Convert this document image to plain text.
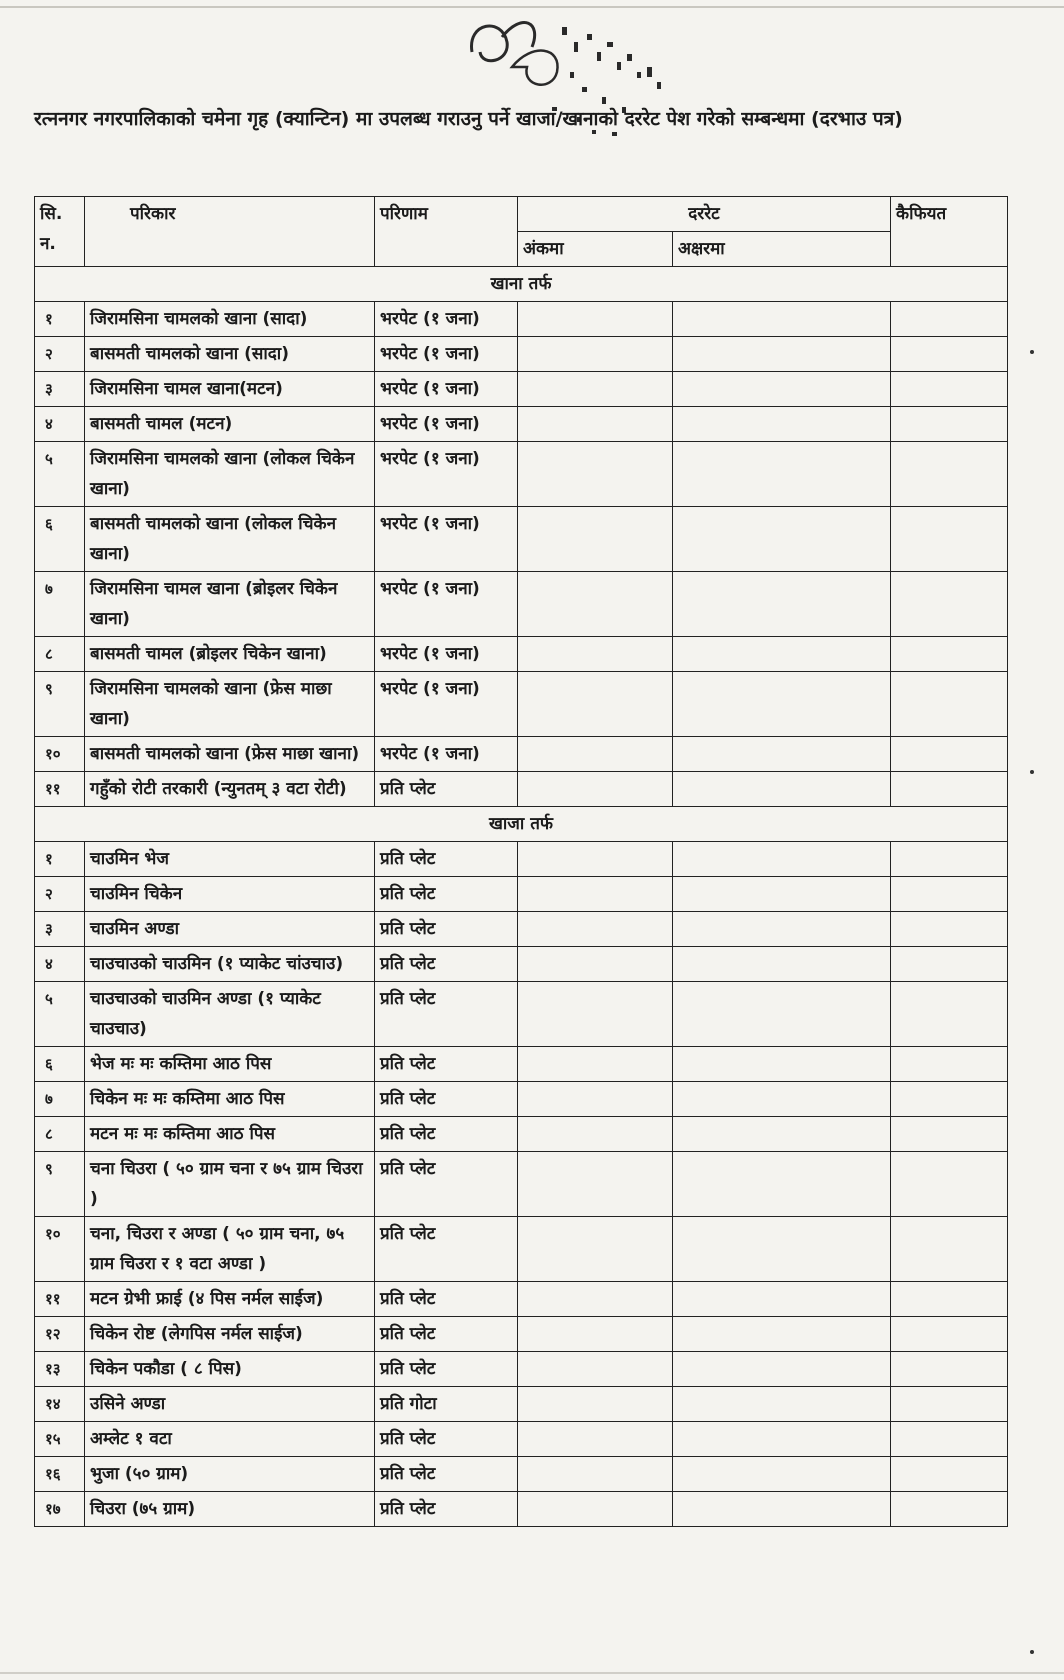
रत्ननगर नगरपालिकाको चमेना गृह (क्यान्टिन) मा उपलब्ध गराउनु पर्ने खाजा/खानाको दररेट पेश गरेको सम्बन्धमा (दरभाउ पत्र)
सि. न.	परिकार	परिणाम	दररेट		कैफियत
			अंकमा	अक्षरमा	
खाना तर्फ					
१	जिरामसिना चामलको खाना (सादा)	भरपेट (१ जना)			
२	बासमती चामलको खाना (सादा)	भरपेट (१ जना)			
३	जिरामसिना चामल खाना(मटन)	भरपेट (१ जना)			
४	बासमती चामल (मटन)	भरपेट (१ जना)			
५	जिरामसिना चामलको खाना (लोकल चिकेन खाना)	भरपेट (१ जना)			
६	बासमती चामलको खाना (लोकल चिकेन खाना)	भरपेट (१ जना)			
७	जिरामसिना चामल खाना (ब्रोइलर चिकेन खाना)	भरपेट (१ जना)			
८	बासमती चामल (ब्रोइलर चिकेन खाना)	भरपेट (१ जना)			
९	जिरामसिना चामलको खाना (फ्रेस माछा खाना)	भरपेट (१ जना)			
१०	बासमती चामलको खाना (फ्रेस माछा खाना)	भरपेट (१ जना)			
११	गहुँको रोटी तरकारी (न्युनतम् ३ वटा रोटी)	प्रति प्लेट			
खाजा तर्फ					
१	चाउमिन भेज	प्रति प्लेट			
२	चाउमिन चिकेन	प्रति प्लेट			
३	चाउमिन अण्डा	प्रति प्लेट			
४	चाउचाउको चाउमिन (१ प्याकेट चांउचाउ)	प्रति प्लेट			
५	चाउचाउको चाउमिन अण्डा (१ प्याकेट चाउचाउ)	प्रति प्लेट			
६	भेज मः मः कम्तिमा आठ पिस	प्रति प्लेट			
७	चिकेन मः मः कम्तिमा आठ पिस	प्रति प्लेट			
८	मटन मः मः कम्तिमा आठ पिस	प्रति प्लेट			
९	चना चिउरा ( ५० ग्राम चना र ७५ ग्राम चिउरा )	प्रति प्लेट			
१०	चना, चिउरा र अण्डा ( ५० ग्राम चना, ७५ ग्राम चिउरा र १ वटा अण्डा )	प्रति प्लेट			
११	मटन ग्रेभी फ्राई (४ पिस नर्मल साईज)	प्रति प्लेट			
१२	चिकेन रोष्ट (लेगपिस नर्मल साईज)	प्रति प्लेट			
१३	चिकेन पकौडा ( ८ पिस)	प्रति प्लेट			
१४	उसिने अण्डा	प्रति गोटा			
१५	अम्लेट १ वटा	प्रति प्लेट			
१६	भुजा (५० ग्राम)	प्रति प्लेट			
१७	चिउरा (७५ ग्राम)	प्रति प्लेट			
